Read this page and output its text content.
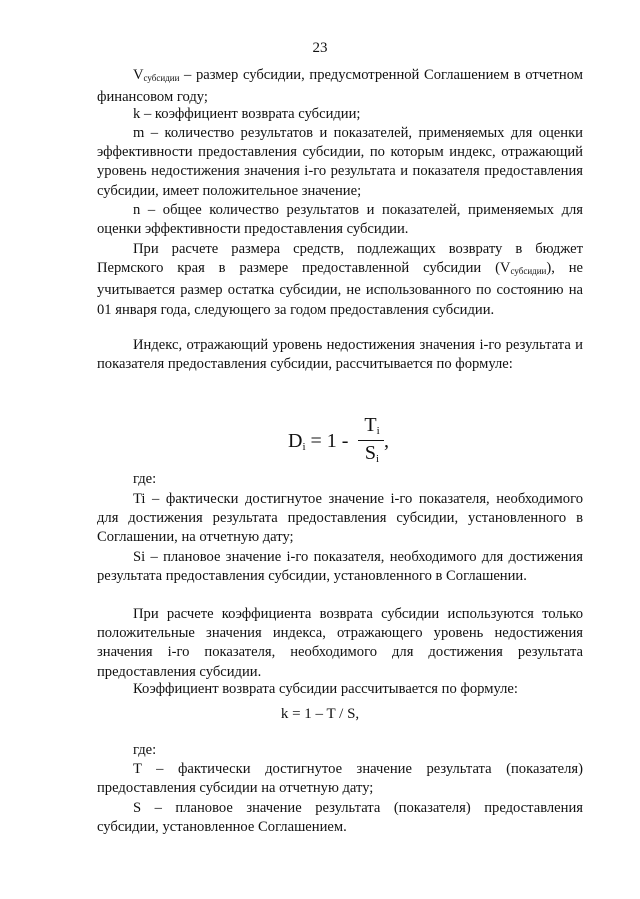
23
$V_{субсидии}$ – размер субсидии, предусмотренной Соглашением в отчетном финансовом году;
k – коэффициент возврата субсидии;
m – количество результатов и показателей, применяемых для оценки эффективности предоставления субсидии, по которым индекс, отражающий уровень недостижения значения i-го результата и показателя предоставления субсидии, имеет положительное значение;
n – общее количество результатов и показателей, применяемых для оценки эффективности предоставления субсидии.
При расчете размера средств, подлежащих возврату в бюджет Пермского края в размере предоставленной субсидии $(V_{субсидии})$, не учитывается размер остатка субсидии, не использованного по состоянию на 01 января года, следующего за годом предоставления субсидии.
Индекс, отражающий уровень недостижения значения i-го результата и показателя предоставления субсидии, рассчитывается по формуле:
$D_i = 1$ -
$T_i$
$S_i$
,
где:
Ti – фактически достигнутое значение i-го показателя, необходимого для достижения результата предоставления субсидии, установленного в Соглашении, на отчетную дату;
Si – плановое значение i-го показателя, необходимого для достижения результата предоставления субсидии, установленного в Соглашении.
При расчете коэффициента возврата субсидии используются только положительные значения индекса, отражающего уровень недостижения значения i-го показателя, необходимого для достижения результата предоставления субсидии.
Коэффициент возврата субсидии рассчитывается по формуле:
k = 1 – T / S,
где:
T – фактически достигнутое значение результата (показателя) предоставления субсидии на отчетную дату;
S – плановое значение результата (показателя) предоставления субсидии, установленное Соглашением.
